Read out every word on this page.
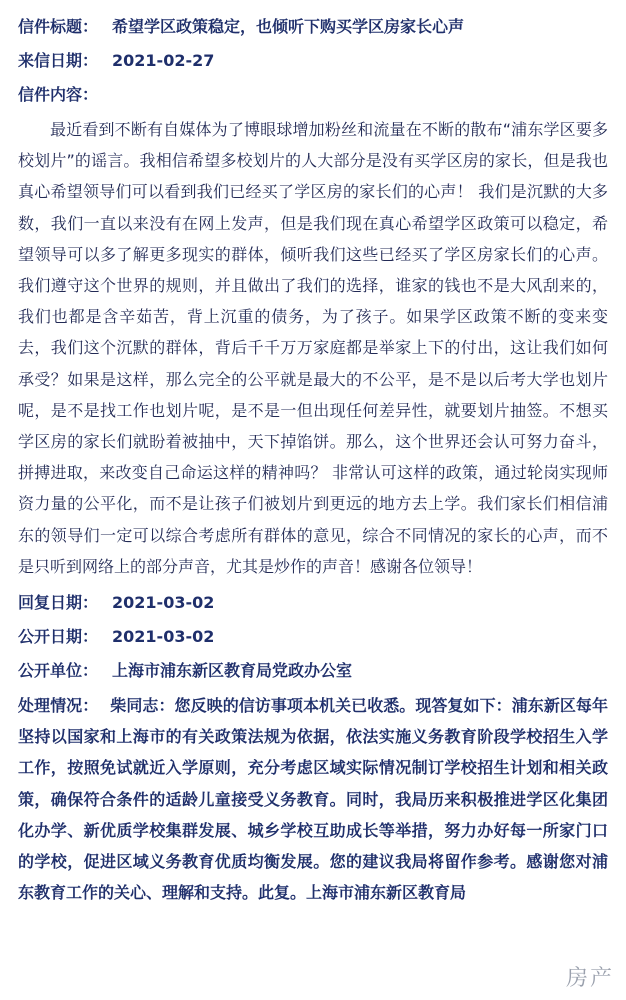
信件标题： 希望学区政策稳定，也倾听下购买学区房家长心声
来信日期： 2021-02-27
信件内容：

最近看到不断有自媒体为了博眼球增加粉丝和流量在不断的散布“浦东学区要多校划片”的谣言。我相信希望多校划片的人大部分是没有买学区房的家长，但是我也真心希望领导们可以看到我们已经买了学区房的家长们的心声！ 我们是沉默的大多数，我们一直以来没有在网上发声，但是我们现在真心希望学区政策可以稳定，希望领导可以多了解更多现实的群体，倾听我们这些已经买了学区房家长们的心声。我们遵守这个世界的规则，并且做出了我们的选择，谁家的钱也不是大风刮来的，我们也都是含辛茹苦，背上沉重的债务，为了孩子。如果学区政策不断的变来变去，我们这个沉默的群体，背后千千万万家庭都是举家上下的付出，这让我们如何承受？如果是这样，那么完全的公平就是最大的不公平，是不是以后考大学也划片呢，是不是找工作也划片呢，是不是一但出现任何差异性，就要划片抽签。不想买学区房的家长们就盼着被抽中，天下掉馅饼。那么，这个世界还会认可努力奋斗，拼搏进取，来改变自己命运这样的精神吗？ 非常认可这样的政策，通过轮岗实现师资力量的公平化，而不是让孩子们被划片到更远的地方去上学。我们家长们相信浦东的领导们一定可以综合考虑所有群体的意见，综合不同情况的家长的心声，而不是只听到网络上的部分声音，尤其是炒作的声音！感谢各位领导！

回复日期： 2021-03-02
公开日期： 2021-03-02
公开单位： 上海市浦东新区教育局党政办公室
处理情况： 柴同志：您反映的信访事项本机关已收悉。现答复如下：浦东新区每年坚持以国家和上海市的有关政策法规为依据，依法实施义务教育阶段学校招生入学工作，按照免试就近入学原则，充分考虑区域实际情况制订学校招生计划和相关政策，确保符合条件的适龄儿童接受义务教育。同时，我局历来积极推进学区化集团化办学、新优质学校集群发展、城乡学校互助成长等举措，努力办好每一所家门口的学校，促进区域义务教育优质均衡发展。您的建议我局将留作参考。感谢您对浦东教育工作的关心、理解和支持。此复。上海市浦东新区教育局
房产
